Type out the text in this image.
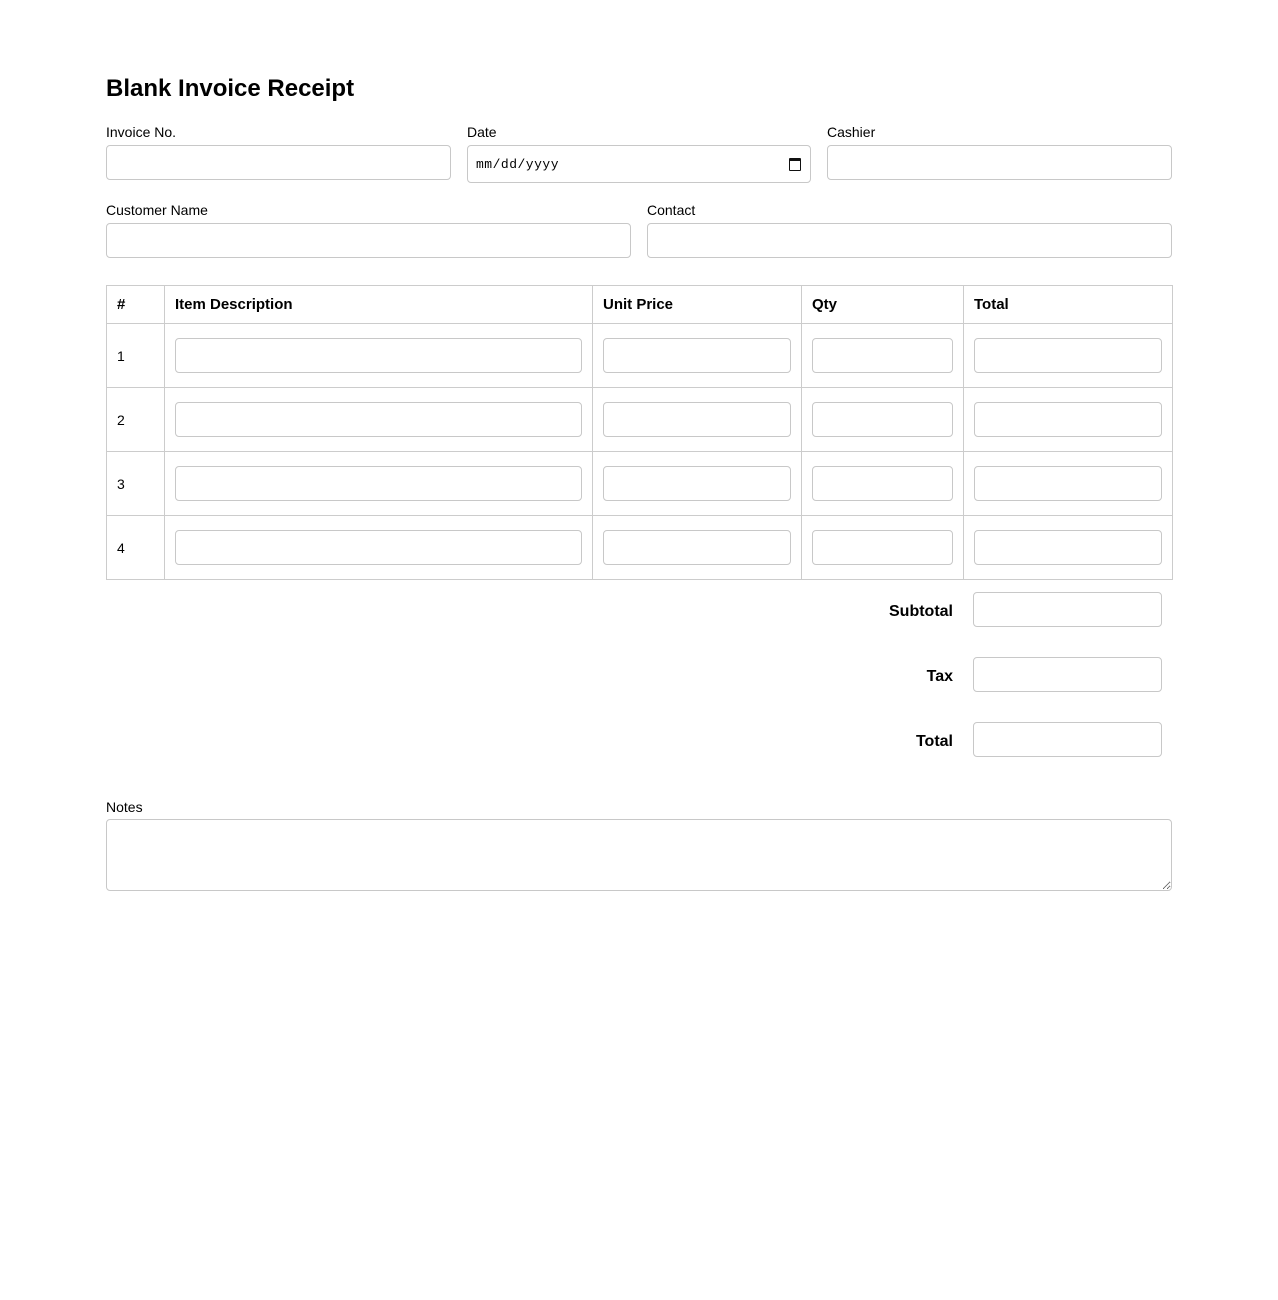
Blank Invoice Receipt
Invoice No.	Date
mm/dd/yyyy
Cashier
Customer Name	Contact
#	Item Description	Unit Price	Qty	Total
1	

2	

3	

4	

Subtotal
Tax
Total
Notes
